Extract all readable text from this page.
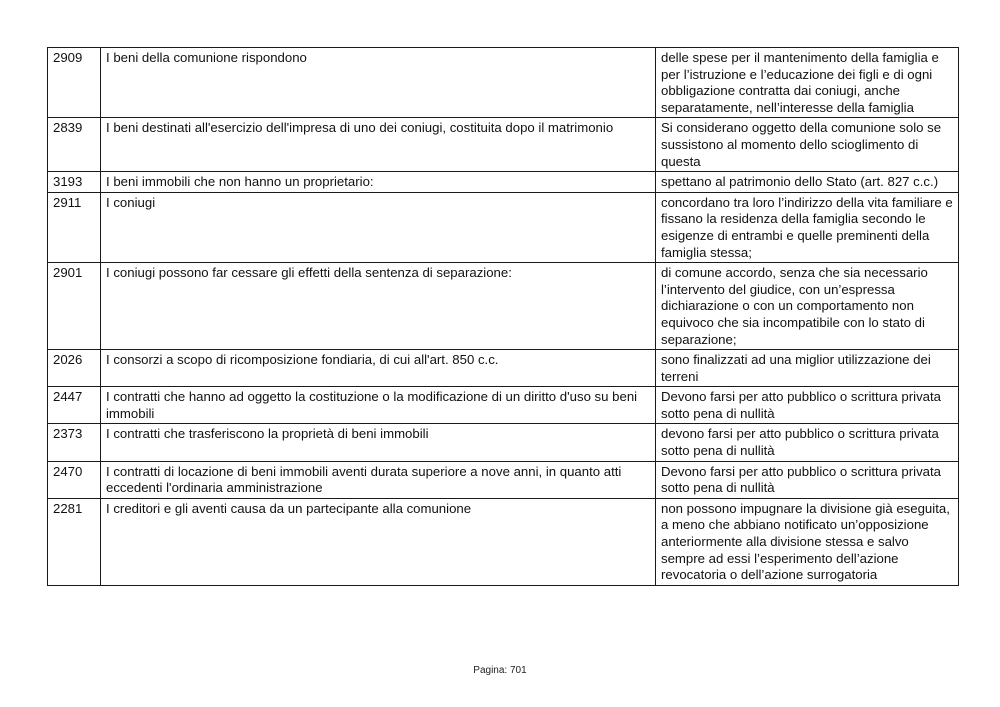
2909	I beni della comunione rispondono	delle spese per il mantenimento della famiglia e per l’istruzione e l’educazione dei figli e di ogni obbligazione contratta dai coniugi, anche separatamente, nell’interesse della famiglia
2839	I beni destinati all'esercizio dell'impresa di uno dei coniugi, costituita dopo il matrimonio	Si considerano oggetto della comunione solo se sussistono al momento dello scioglimento di questa
3193	I beni immobili che non hanno un proprietario:	spettano al patrimonio dello Stato (art. 827 c.c.)
2911	I coniugi	concordano tra loro l’indirizzo della vita familiare e fissano la residenza della famiglia secondo le esigenze di entrambi e quelle preminenti della famiglia stessa;
2901	I coniugi possono far cessare gli effetti della sentenza di separazione:	di comune accordo, senza che sia necessario l’intervento del giudice, con un’espressa dichiarazione o con un comportamento non equivoco che sia incompatibile con lo stato di separazione;
2026	I consorzi a scopo di ricomposizione fondiaria, di cui all'art. 850 c.c.	sono finalizzati ad una miglior utilizzazione dei terreni
2447	I contratti che hanno ad oggetto la costituzione o la modificazione di un diritto d'uso su beni immobili	Devono farsi per atto pubblico o scrittura privata sotto pena di nullità
2373	I contratti che trasferiscono la proprietà di beni immobili	devono farsi per atto pubblico o scrittura privata sotto pena di nullità
2470	I contratti di locazione di beni immobili aventi durata superiore a nove anni, in quanto atti eccedenti l'ordinaria amministrazione	Devono farsi per atto pubblico o scrittura privata sotto pena di nullità
2281	I creditori e gli aventi causa da un partecipante alla comunione	non possono impugnare la divisione già eseguita, a meno che abbiano notificato un’opposizione anteriormente alla divisione stessa e salvo sempre ad essi l’esperimento dell’azione revocatoria o dell’azione surrogatoria
Pagina: 701
